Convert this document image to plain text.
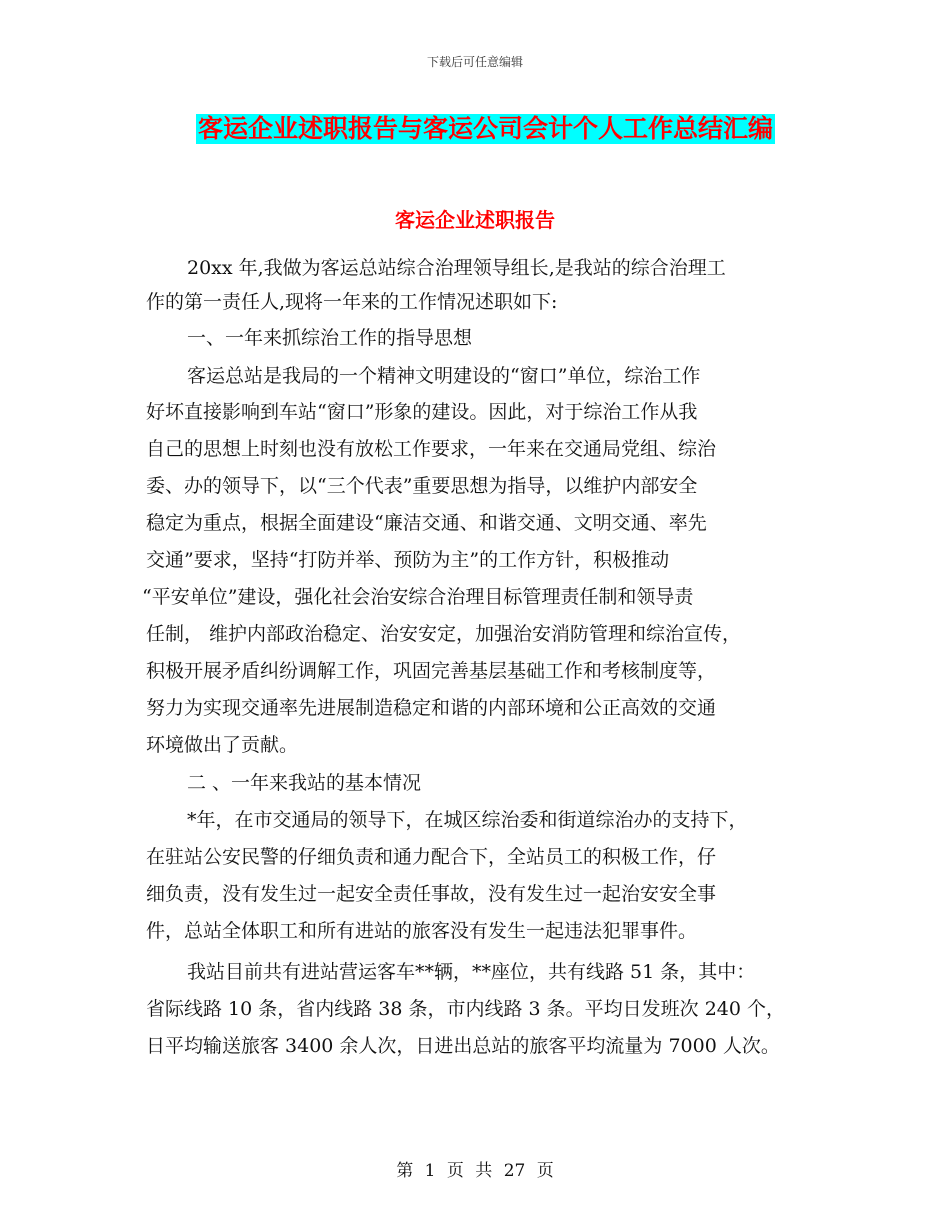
下载后可任意编辑
客运企业述职报告与客运公司会计个人工作总结汇编
客运企业述职报告
20xx 年,我做为客运总站综合治理领导组长,是我站的综合治理工
作的第一责任人,现将一年来的工作情况述职如下:
一、一年来抓综治工作的指导思想
客运总站是我局的一个精神文明建设的“窗口”单位，综治工作
好坏直接影响到车站“窗口”形象的建设。因此，对于综治工作从我
自己的思想上时刻也没有放松工作要求，一年来在交通局党组、综治
委、办的领导下，以“三个代表”重要思想为指导，以维护内部安全
稳定为重点，根据全面建设“廉洁交通、和谐交通、文明交通、率先
交通”要求，坚持“打防并举、预防为主”的工作方针，积极推动
“平安单位”建设，强化社会治安综合治理目标管理责任制和领导责
任制， 维护内部政治稳定、治安安定，加强治安消防管理和综治宣传，
积极开展矛盾纠纷调解工作，巩固完善基层基础工作和考核制度等，
努力为实现交通率先进展制造稳定和谐的内部环境和公正高效的交通
环境做出了贡献。
二 、一年来我站的基本情况
*年，在市交通局的领导下，在城区综治委和街道综治办的支持下，
在驻站公安民警的仔细负责和通力配合下，全站员工的积极工作，仔
细负责，没有发生过一起安全责任事故，没有发生过一起治安安全事
件，总站全体职工和所有进站的旅客没有发生一起违法犯罪事件。
我站目前共有进站营运客车**辆，**座位，共有线路 51 条，其中：
省际线路 10 条，省内线路 38 条，市内线路 3 条。平均日发班次 240 个，
日平均输送旅客 3400 余人次，日进出总站的旅客平均流量为 7000 人次。
第 1 页 共 27 页
